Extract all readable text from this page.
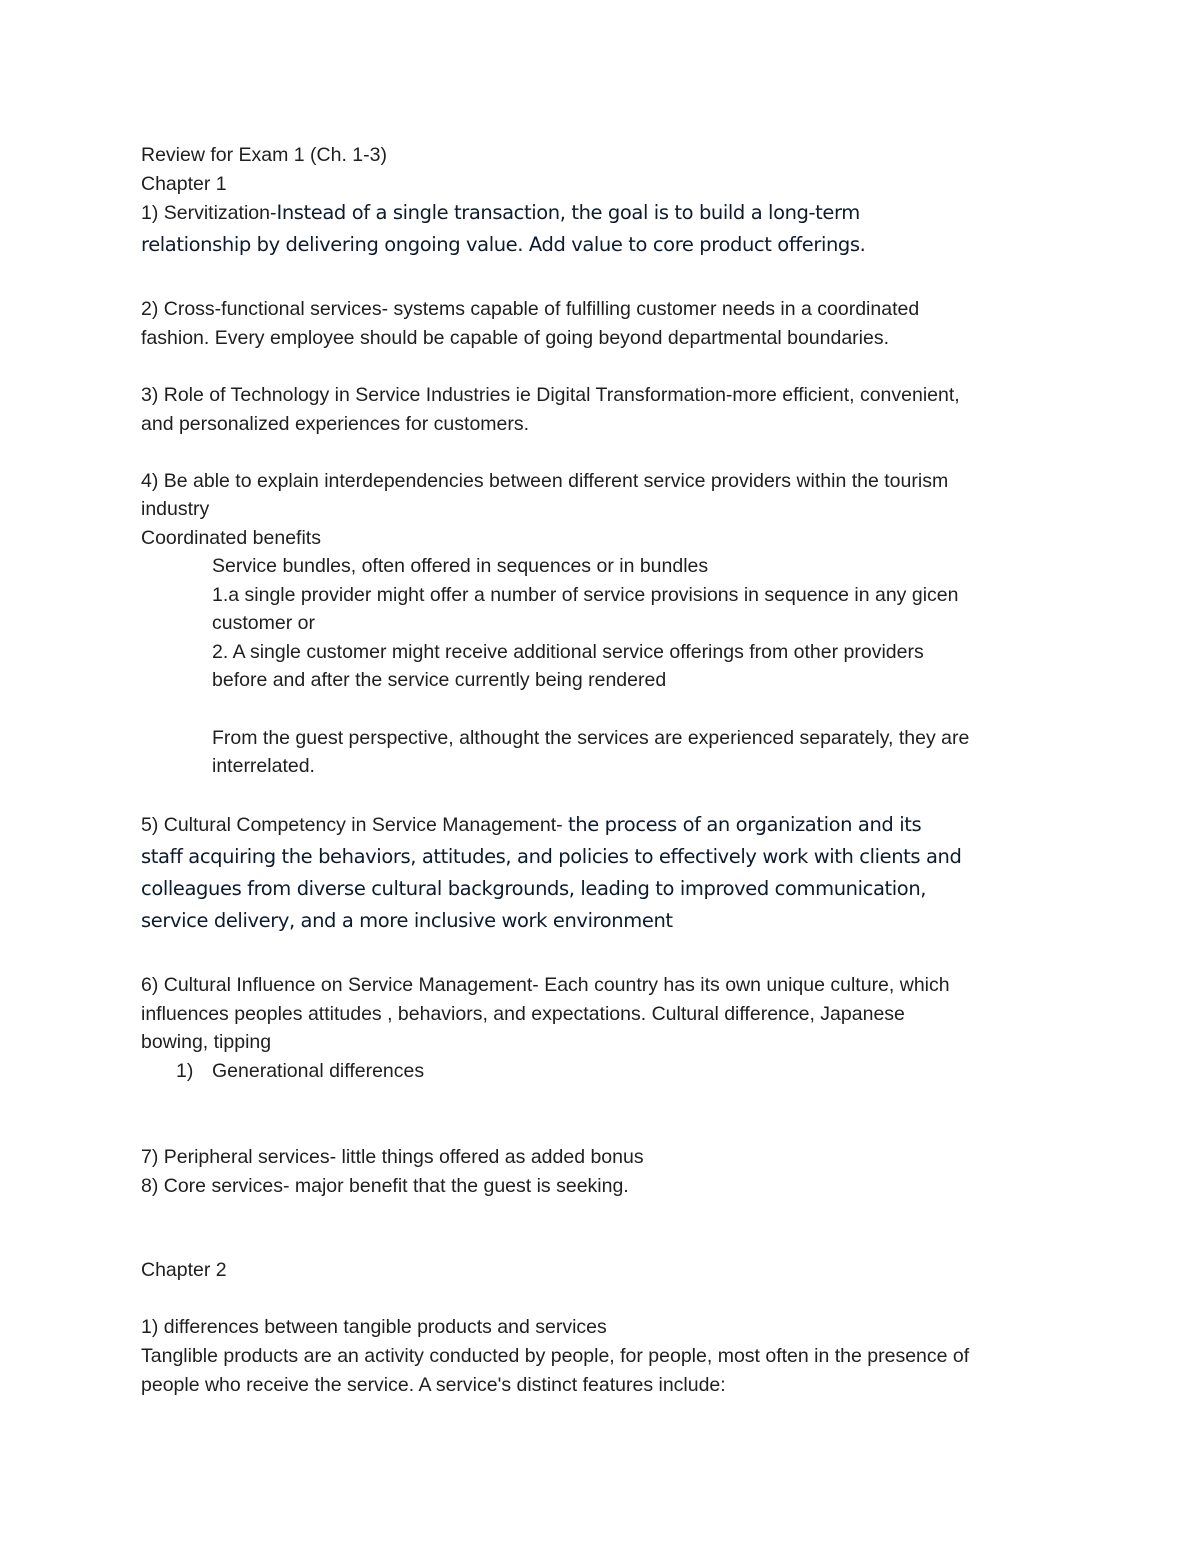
Review for Exam 1 (Ch. 1-3)
Chapter 1
1) Servitization-Instead of a single transaction, the goal is to build a long-term
relationship by delivering ongoing value. Add value to core product offerings.
2) Cross-functional services- systems capable of fulfilling customer needs in a coordinated
fashion. Every employee should be capable of going beyond departmental boundaries.
3) Role of Technology in Service Industries ie Digital Transformation-more efficient, convenient,
and personalized experiences for customers.
4) Be able to explain interdependencies between different service providers within the tourism
industry
Coordinated benefits
Service bundles, often offered in sequences or in bundles
1.a single provider might offer a number of service provisions in sequence in any gicen
customer or
2. A single customer might receive additional service offerings from other providers
before and after the service currently being rendered
From the guest perspective, althought the services are experienced separately, they are
interrelated.
5) Cultural Competency in Service Management- the process of an organization and its
staff acquiring the behaviors, attitudes, and policies to effectively work with clients and
colleagues from diverse cultural backgrounds, leading to improved communication,
service delivery, and a more inclusive work environment
6) Cultural Influence on Service Management- Each country has its own unique culture, which
influences peoples attitudes , behaviors, and expectations. Cultural difference, Japanese
bowing, tipping
1) Generational differences
7) Peripheral services- little things offered as added bonus
8) Core services- major benefit that the guest is seeking.
Chapter 2
1) differences between tangible products and services
Tanglible products are an activity conducted by people, for people, most often in the presence of
people who receive the service. A service's distinct features include:
